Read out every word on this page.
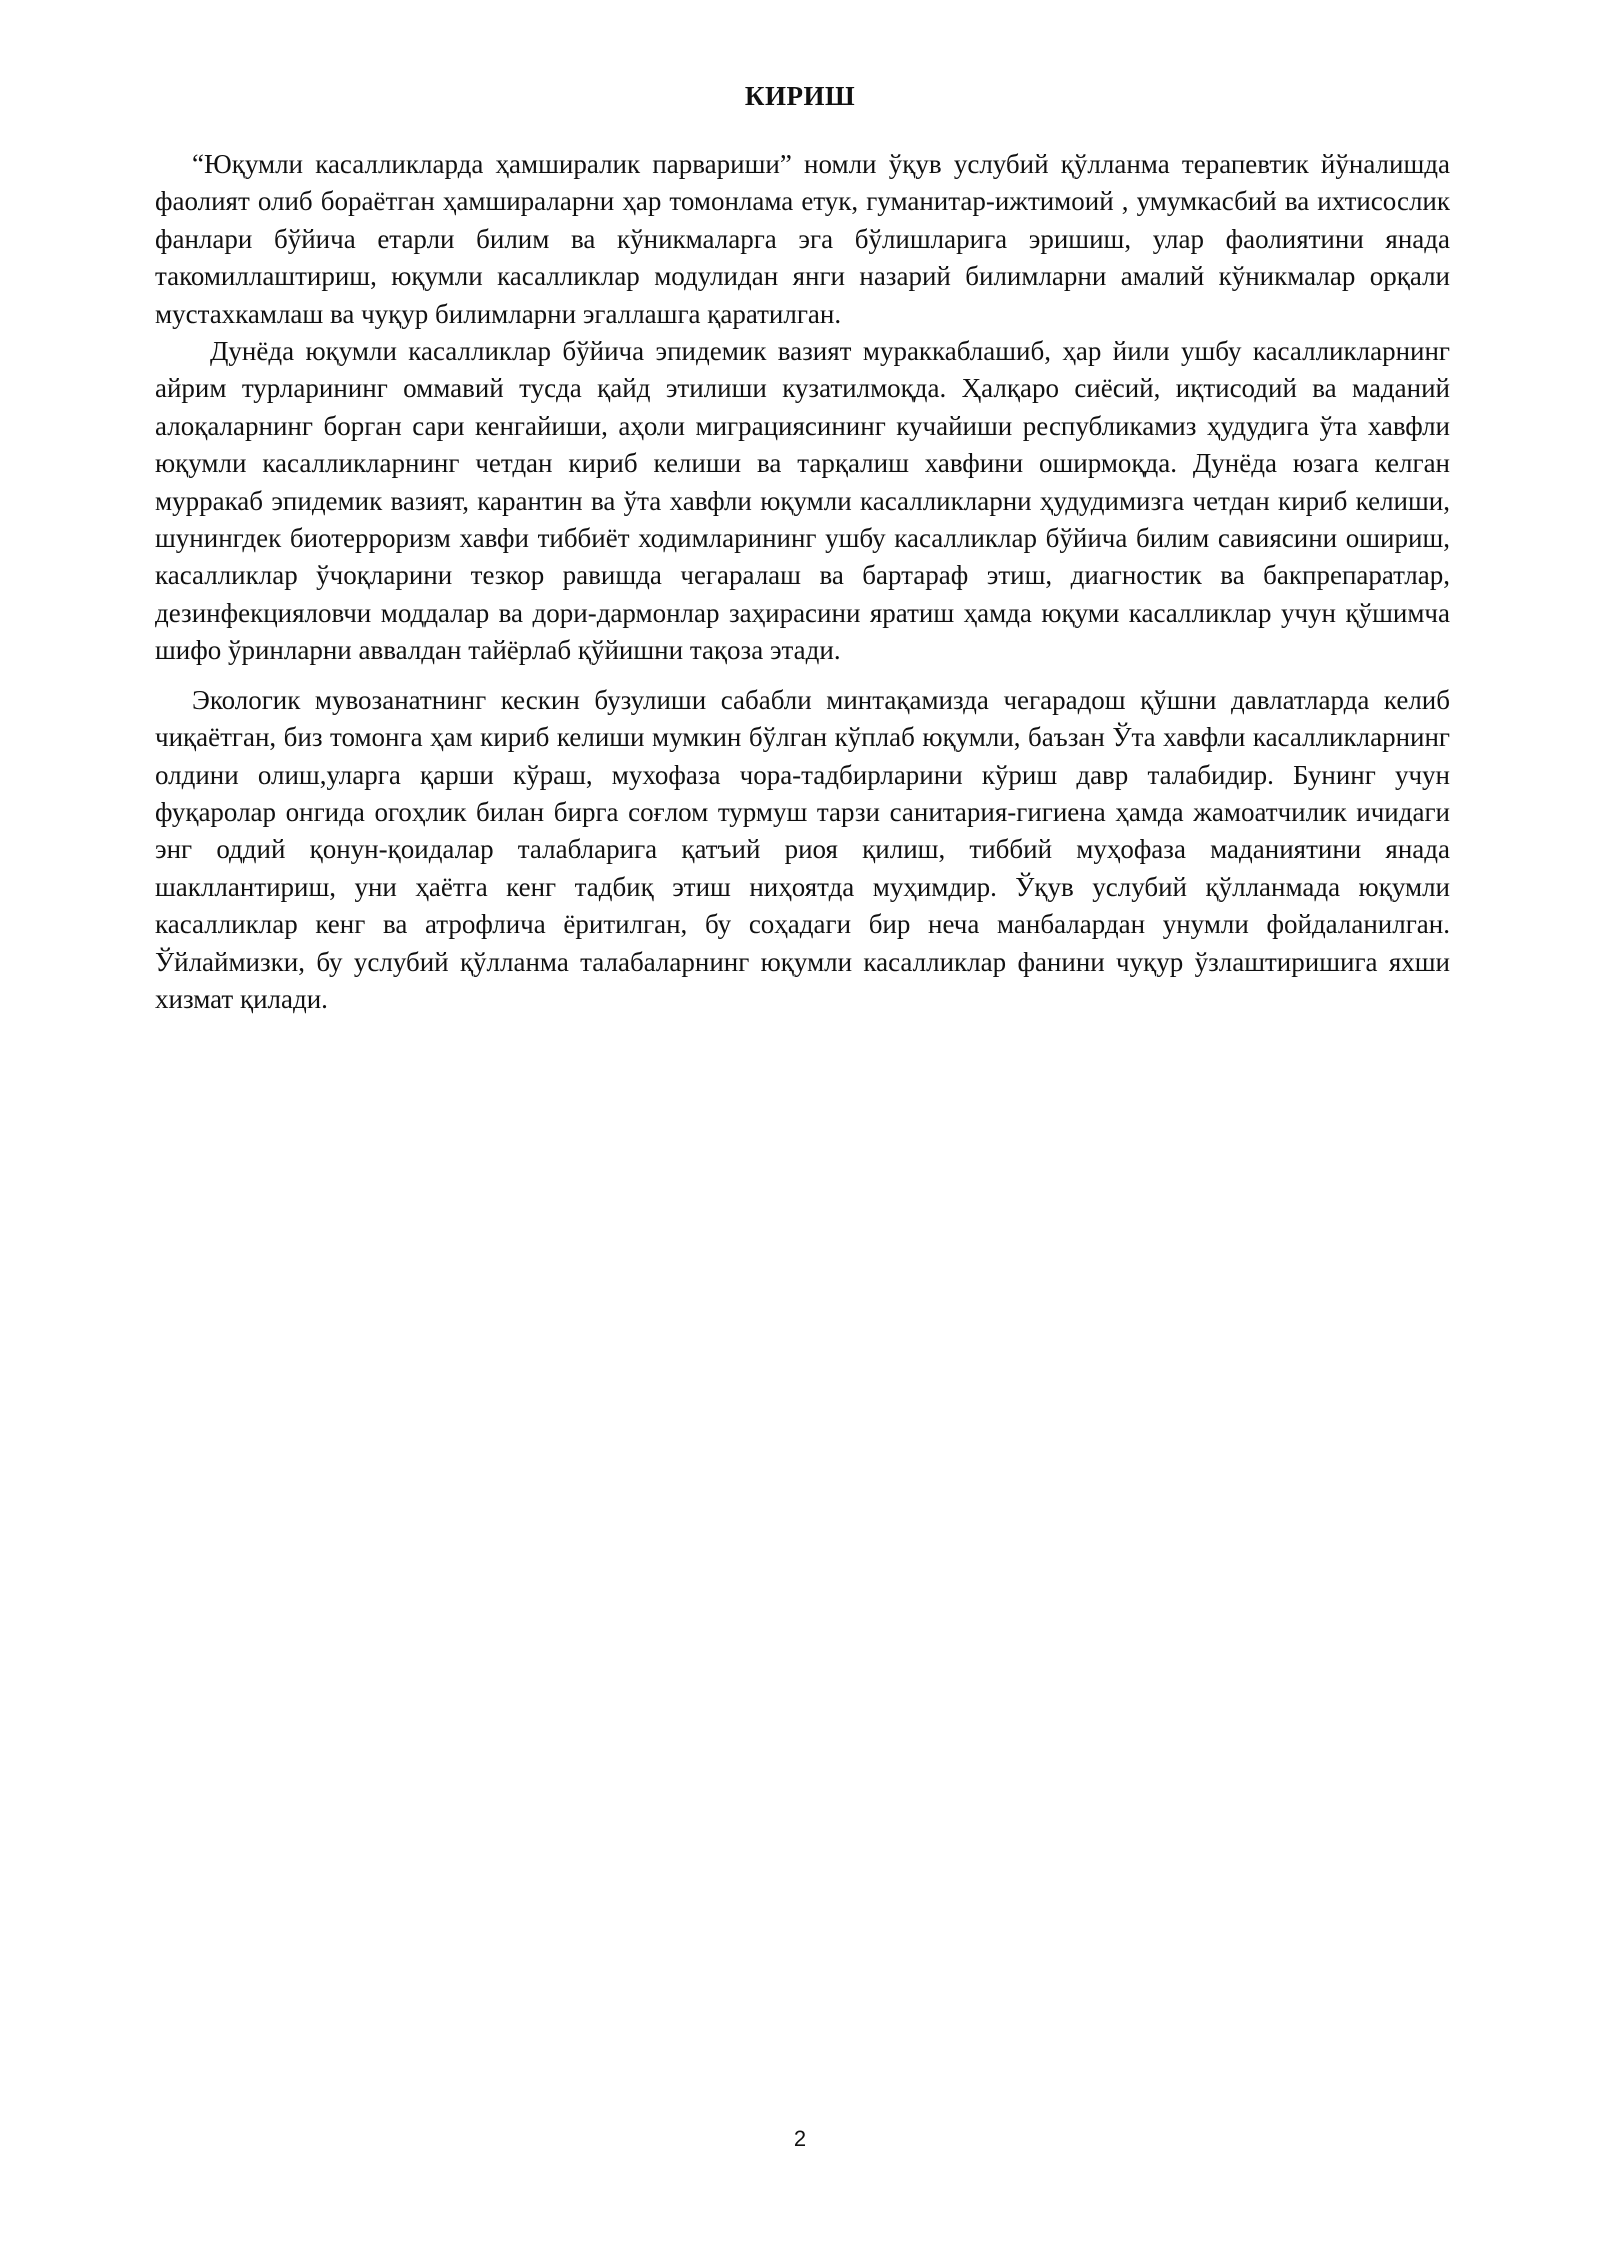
КИРИШ

“Юқумли касалликларда ҳамширалик парвариши” номли ўқув услубий қўлланма терапевтик йўналишда фаолият олиб бораётган ҳамшираларни ҳар томонлама етук, гуманитар-ижтимоий , умумкасбий ва ихтисослик фанлари бўйича етарли билим ва кўникмаларга эга бўлишларига эришиш, улар фаолиятини янада такомиллаштириш, юқумли касалликлар модулидан янги назарий билимларни амалий кўникмалар орқали мустахкамлаш ва чуқур билимларни эгаллашга қаратилган.

Дунёда юқумли касалликлар бўйича эпидемик вазият мураккаблашиб, ҳар йили ушбу касалликларнинг айрим турларининг оммавий тусда қайд этилиши кузатилмоқда. Ҳалқаро сиёсий, иқтисодий ва маданий алоқаларнинг борган сари кенгайиши, аҳоли миграциясининг кучайиши республикамиз ҳудудига ўта хавфли юқумли касалликларнинг четдан кириб келиши ва тарқалиш хавфини оширмоқда. Дунёда юзага келган мурракаб эпидемик вазият, карантин ва ўта хавфли юқумли касалликларни ҳудудимизга четдан кириб келиши, шунингдек биотерроризм хавфи тиббиёт ходимларининг ушбу касалликлар бўйича билим савиясини ошириш, касалликлар ўчоқларини тезкор равишда чегаралаш ва бартараф этиш, диагностик ва бакпрепаратлар, дезинфекцияловчи моддалар ва дори-дармонлар заҳирасини яратиш ҳамда юқуми касалликлар учун қўшимча шифо ўринларни аввалдан тайёрлаб қўйишни тақоза этади.

Экологик мувозанатнинг кескин бузулиши сабабли минтақамизда чегарадош қўшни давлатларда келиб чиқаётган, биз томонга ҳам кириб келиши мумкин бўлган кўплаб юқумли, баъзан Ўта хавфли касалликларнинг олдини олиш,уларга қарши кўраш, мухофаза чора-тадбирларини кўриш давр талабидир. Бунинг учун фуқаролар онгида огоҳлик билан бирга соғлом турмуш тарзи санитария-гигиена ҳамда жамоатчилик ичидаги энг оддий қонун-қоидалар талабларига қатъий риоя қилиш, тиббий муҳофаза маданиятини янада шакллантириш, уни ҳаётга кенг тадбиқ этиш ниҳоятда муҳимдир. Ўқув услубий қўлланмада юқумли касалликлар кенг ва атрофлича ёритилган, бу соҳадаги бир неча манбалардан унумли фойдаланилган. Ўйлаймизки, бу услубий қўлланма талабаларнинг юқумли касалликлар фанини чуқур ўзлаштиришига яхши хизмат қилади.

2
